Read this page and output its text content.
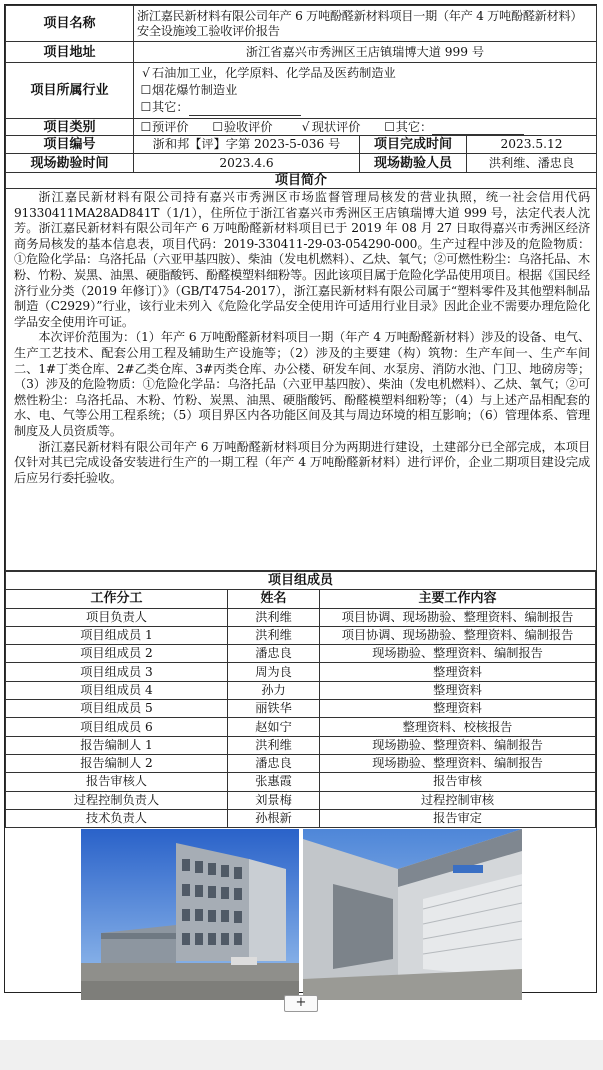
项目名称	浙江嘉民新材料有限公司年产 6 万吨酚醛新材料项目一期（年产 4 万吨酚醛新材料）安全设施竣工验收评价报告		
项目地址	浙江省嘉兴市秀洲区王店镇瑞博大道 999 号		
项目所属行业	√ 石油加工业，化学原料、化学品及医药制造业
☐烟花爆竹制造业
☐其它：		

项目类别	☐预评价 ☐验收评价 √ 现状评价 ☐其它：		
项目编号	浙和邦【评】字第 2023-5-036 号	项目完成时间	2023.5.12
现场勘验时间	2023.4.6	现场勘验人员	洪利维、潘忠良
项目简介			

浙江嘉民新材料有限公司持有嘉兴市秀洲区市场监督管理局核发的营业执照，统一社会信用代码 91330411MA28AD841T（1/1），住所位于浙江省嘉兴市秀洲区王店镇瑞博大道 999 号，法定代表人沈芳。浙江嘉民新材料有限公司年产 6 万吨酚醛新材料项目已于 2019 年 08 月 27 日取得嘉兴市秀洲区经济商务局核发的基本信息表，项目代码：2019-330411-29-03-054290-000。生产过程中涉及的危险物质：①危险化学品：乌洛托品（六亚甲基四胺）、柴油（发电机燃料）、乙炔、氧气；②可燃性粉尘：乌洛托品、木粉、竹粉、炭黑、油黑、硬脂酸钙、酚醛模塑料细粉等。因此该项目属于危险化学品使用项目。根据《国民经济行业分类（2019 年修订）》（GB/T4754-2017），浙江嘉民新材料有限公司属于“塑料零件及其他塑料制品制造（C2929）”行业，该行业未列入《危险化学品安全使用许可适用行业目录》因此企业不需要办理危险化学品安全使用许可证。

本次评价范围为：（1）年产 6 万吨酚醛新材料项目一期（年产 4 万吨酚醛新材料）涉及的设备、电气、生产工艺技术、配套公用工程及辅助生产设施等；（2）涉及的主要建（构）筑物：生产车间一、生产车间二、1#丁类仓库、2#乙类仓库、3#丙类仓库、办公楼、研发车间、水泵房、消防水池、门卫、地磅房等；（3）涉及的危险物质：①危险化学品：乌洛托品（六亚甲基四胺）、柴油（发电机燃料）、乙炔、氧气；②可燃性粉尘：乌洛托品、木粉、竹粉、炭黑、油黑、硬脂酸钙、酚醛模塑料细粉等；（4）与上述产品相配套的水、电、气等公用工程系统；（5）项目界区内各功能区间及其与周边环境的相互影响；（6）管理体系、管理制度及人员资质等。

浙江嘉民新材料有限公司年产 6 万吨酚醛新材料项目分为两期进行建设，土建部分已全部完成，本项目仅针对其已完成设备安装进行生产的一期工程（年产 4 万吨酚醛新材料）进行评价，企业二期项目建设完成后应另行委托验收。			

项目组成员		
工作分工	姓名	主要工作内容
项目负责人	洪利维	项目协调、现场勘验、整理资料、编制报告
项目组成员 1	洪利维	项目协调、现场勘验、整理资料、编制报告
项目组成员 2	潘忠良	现场勘验、整理资料、编制报告
项目组成员 3	周为良	整理资料
项目组成员 4	孙力	整理资料
项目组成员 5	丽铁华	整理资料
项目组成员 6	赵如宁	整理资料、校核报告
报告编制人 1	洪利维	现场勘验、整理资料、编制报告
报告编制人 2	潘忠良	现场勘验、整理资料、编制报告
报告审核人	张惠霞	报告审核
过程控制负责人	刘景梅	过程控制审核
技术负责人	孙根新	报告审定
+
